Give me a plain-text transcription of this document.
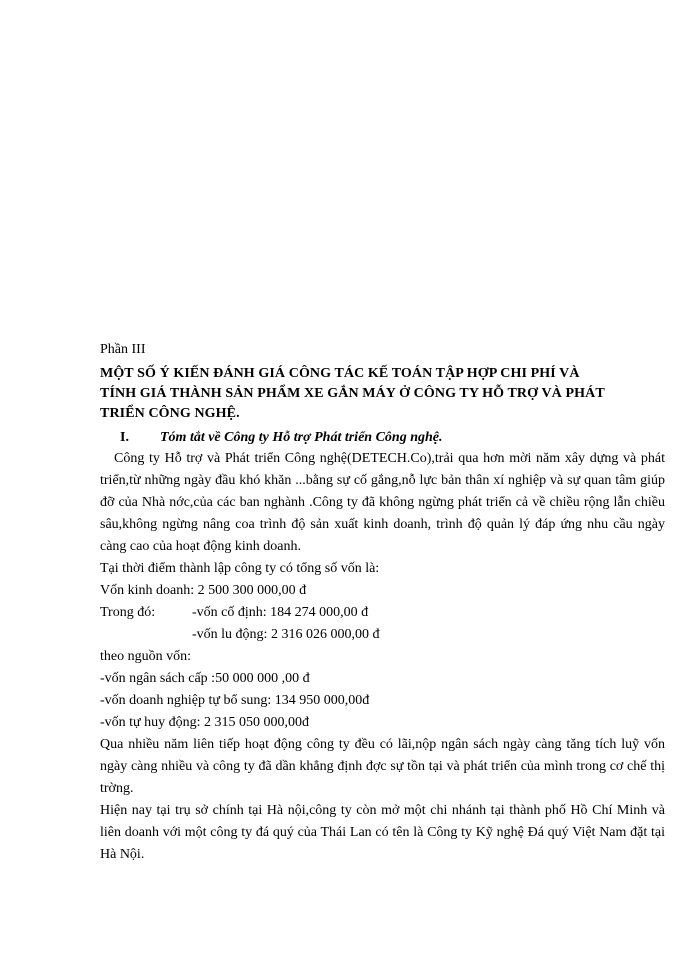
Phần III

MỘT SỐ Ý KIẾN ĐÁNH GIÁ CÔNG TÁC KẾ TOÁN TẬP HỢP CHI PHÍ VÀ

TÍNH GIÁ THÀNH SẢN PHẨM XE GẮN MÁY Ở CÔNG TY HỖ TRỢ VÀ PHÁT

TRIỂN CÔNG NGHỆ.

I.	Tóm tắt về Công ty Hỗ trợ Phát triển Công nghệ.

Công ty Hỗ trợ và Phát triển Công nghệ(DETECH.Co),trải qua hơn mời năm xây dựng và phát triển,từ những ngày đầu khó khăn ...bằng sự cố gắng,nỗ lực bản thân xí nghiệp và sự quan tâm giúp đỡ của Nhà nớc,của các ban nghành .Công ty đã không ngừng phát triển cả về chiều rộng lẫn chiều sâu,không ngừng nâng coa trình độ sản xuất kinh doanh, trình độ quản lý đáp ứng nhu cầu ngày càng cao của hoạt động kinh doanh.

Tại thời điểm thành lập công ty có tổng số vốn là:

Vốn kinh doanh: 2 500 300 000,00 đ

Trong đó:	-vốn cố định: 184 274 000,00 đ
-vốn lu động: 2 316 026 000,00 đ

theo nguồn vốn:

-vốn ngân sách cấp :50 000 000 ,00 đ

-vốn doanh nghiệp tự bổ sung: 134 950 000,00đ

-vốn tự huy động: 2 315 050 000,00đ

Qua nhiều năm liên tiếp hoạt động công ty đều có lãi,nộp ngân sách ngày càng tăng tích luỹ vốn ngày càng nhiều và công ty đã dần khẳng định đợc sự tồn tại và phát triển của mình trong cơ chế thị trờng.

Hiện nay tại trụ sở chính tại Hà nội,công ty còn mở một chi nhánh tại thành phố Hồ Chí Minh và liên doanh với một công ty đá quý của Thái Lan có tên là Công ty Kỹ nghệ Đá quý Việt Nam đặt tại Hà Nội.
